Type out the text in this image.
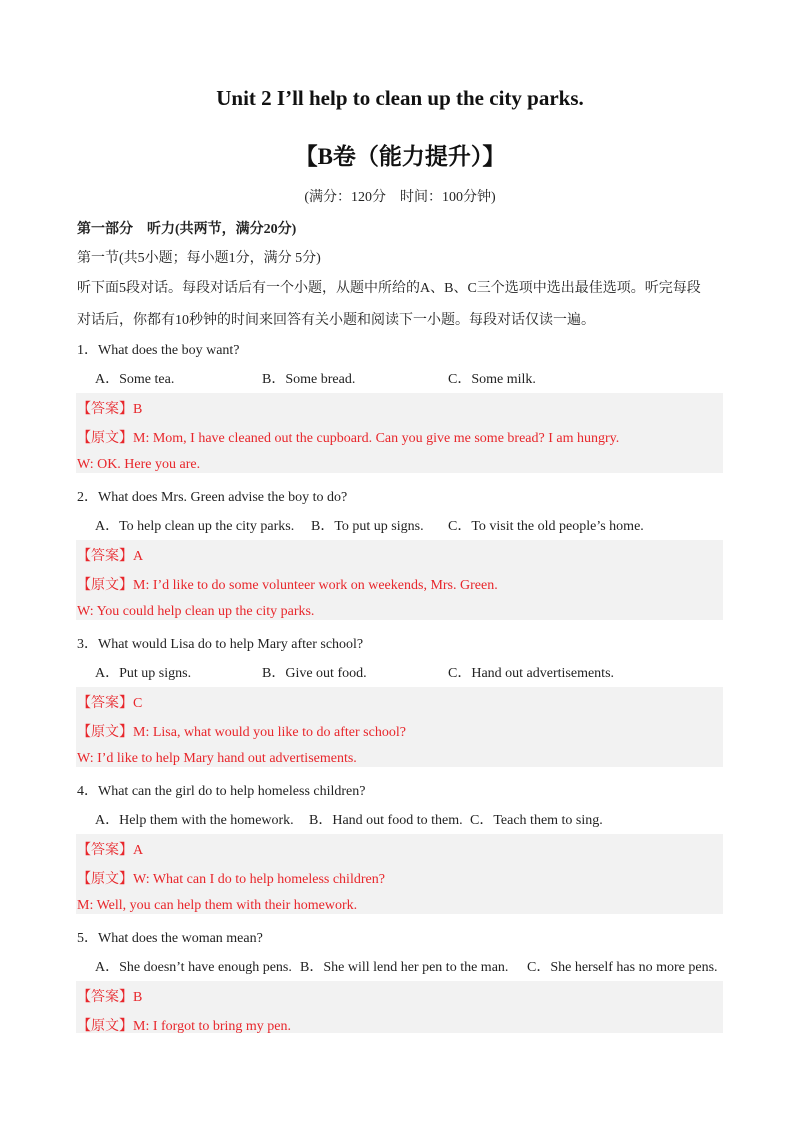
Unit 2 I’ll help to clean up the city parks.
【B卷（能力提升）】
(满分：120分　时间：100分钟)
第一部分　听力(共两节，满分20分)
第一节(共5小题；每小题1分，满分 5分)
听下面5段对话。每段对话后有一个小题，从题中所给的A、B、C三个选项中选出最佳选项。听完每段
对话后，你都有10秒钟的时间来回答有关小题和阅读下一小题。每段对话仅读一遍。
1．What does the boy want?
A．Some tea.	B．Some bread.	C．Some milk.
【答案】B
【原文】M: Mom, I have cleaned out the cupboard. Can you give me some bread? I am hungry.
W: OK. Here you are.
2．What does Mrs. Green advise the boy to do?
A．To help clean up the city parks. B．To put up signs. C．To visit the old people’s home.
【答案】A
【原文】M: I’d like to do some volunteer work on weekends, Mrs. Green.
W: You could help clean up the city parks.
3．What would Lisa do to help Mary after school?
A．Put up signs.	B．Give out food.	C．Hand out advertisements.
【答案】C
【原文】M: Lisa, what would you like to do after school?
W: I’d like to help Mary hand out advertisements.
4．What can the girl do to help homeless children?
A．Help them with the homework. B．Hand out food to them. C．Teach them to sing.
【答案】A
【原文】W: What can I do to help homeless children?
M: Well, you can help them with their homework.
5．What does the woman mean?
A．She doesn’t have enough pens. B．She will lend her pen to the man. C．She herself has no more pens.
【答案】B
【原文】M: I forgot to bring my pen.
